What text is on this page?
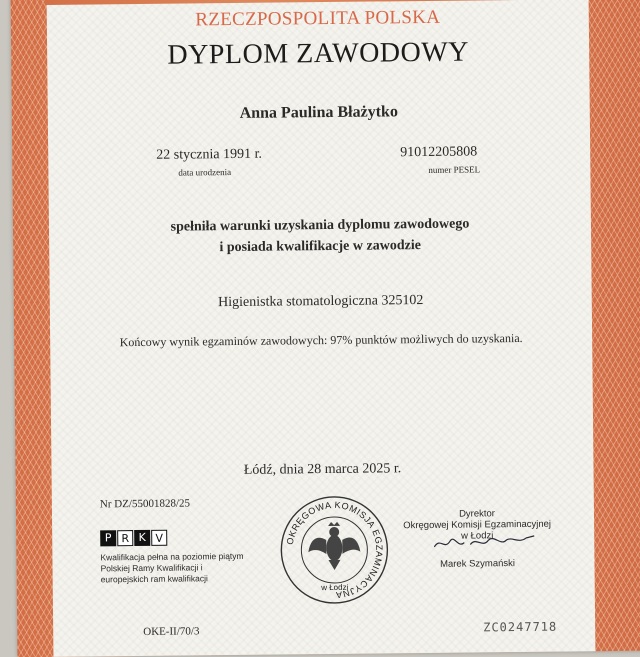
RZECZPOSPOLITA POLSKA
DYPLOM ZAWODOWY
Anna Paulina Błażytko
22 stycznia 1991 r.
data urodzenia
91012205808
numer PESEL
spełniła warunki uzyskania dyplomu zawodowego
i posiada kwalifikacje w zawodzie
Higienistka stomatologiczna 325102
Końcowy wynik egzaminów zawodowych: 97% punktów możliwych do uzyskania.
Łódź, dnia 28 marca 2025 r.
Nr DZ/55001828/25
P R K V
Kwalifikacja pełna na poziomie piątym Polskiej Ramy Kwalifikacji i europejskich ram kwalifikacji
OKRĘGOWA KOMISJA EGZAMINACYJNA
w Łodzi
Dyrektor
Okręgowej Komisji Egzaminacyjnej
w Łodzi
Marek Szymański
OKE-II/70/3	ZC0247718
